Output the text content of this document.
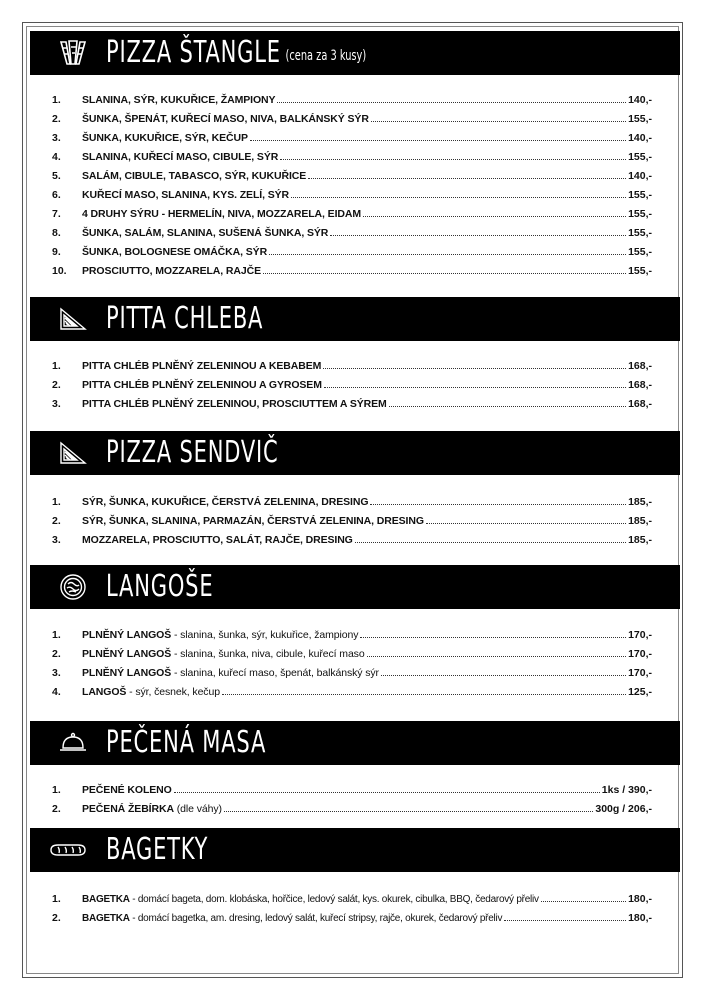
PIZZA ŠTANGLE (cena za 3 kusy)
1.	SLANINA, SÝR, KUKUŘICE, ŽAMPIONY	140,-
2.	ŠUNKA, ŠPENÁT, KUŘECÍ MASO, NIVA, BALKÁNSKÝ SÝR	155,-
3.	ŠUNKA, KUKUŘICE, SÝR, KEČUP	140,-
4.	SLANINA, KUŘECÍ MASO, CIBULE, SÝR	155,-
5.	SALÁM, CIBULE, TABASCO, SÝR, KUKUŘICE	140,-
6.	KUŘECÍ MASO, SLANINA, KYS. ZELÍ, SÝR	155,-
7.	4 DRUHY SÝRU - HERMELÍN, NIVA, MOZZARELA, EIDAM	155,-
8.	ŠUNKA, SALÁM, SLANINA, SUŠENÁ ŠUNKA, SÝR	155,-
9.	ŠUNKA, BOLOGNESE OMÁČKA, SÝR	155,-
10.	PROSCIUTTO, MOZZARELA, RAJČE	155,-
PITTA CHLEBA
1.	PITTA CHLÉB PLNĚNÝ ZELENINOU A KEBABEM	168,-
2.	PITTA CHLÉB PLNĚNÝ ZELENINOU A GYROSEM	168,-
3.	PITTA CHLÉB PLNĚNÝ ZELENINOU, PROSCIUTTEM A SÝREM	168,-
PIZZA SENDVIČ
1.	SÝR, ŠUNKA, KUKUŘICE, ČERSTVÁ ZELENINA, DRESING	185,-
2.	SÝR, ŠUNKA, SLANINA, PARMAZÁN, ČERSTVÁ ZELENINA, DRESING	185,-
3.	MOZZARELA, PROSCIUTTO, SALÁT, RAJČE, DRESING	185,-
LANGOŠE
1.	PLNĚNÝ LANGOŠ - slanina, šunka, sýr, kukuřice, žampiony	170,-
2.	PLNĚNÝ LANGOŠ - slanina, šunka, niva, cibule, kuřecí maso	170,-
3.	PLNĚNÝ LANGOŠ - slanina, kuřecí maso, špenát, balkánský sýr	170,-
4.	LANGOŠ - sýr, česnek, kečup	125,-
PEČENÁ MASA
1.	PEČENÉ KOLENO	1ks / 390,-
2.	PEČENÁ ŽEBÍRKA (dle váhy)	300g / 206,-
BAGETKY
1.	BAGETKA - domácí bageta, dom. klobáska, hořčice, ledový salát, kys. okurek, cibulka, BBQ, čedarový přeliv	180,-
2.	BAGETKA - domácí bagetka, am. dresing, ledový salát, kuřecí stripsy, rajče, okurek, čedarový přeliv	180,-
